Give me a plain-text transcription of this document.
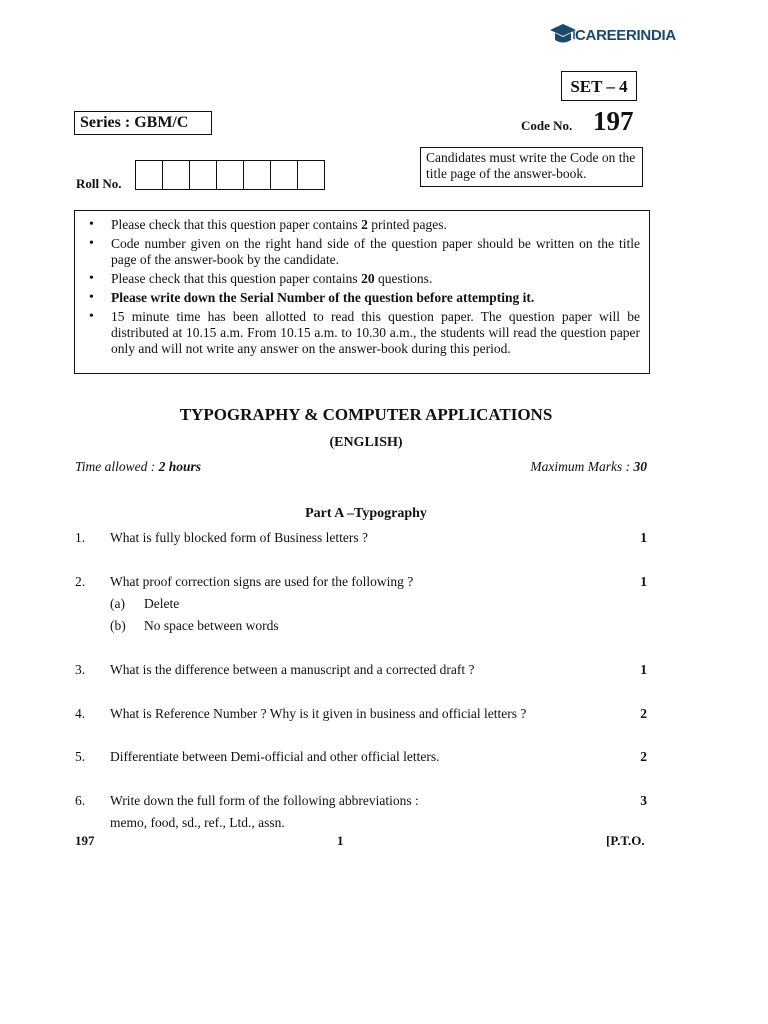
CAREERINDIA
SET – 4
Series : GBM/C	Code No. 197
Candidates must write the Code on the title page of the answer-book.
Roll No.
• Please check that this question paper contains 2 printed pages.
• Code number given on the right hand side of the question paper should be written on the title page of the answer-book by the candidate.
• Please check that this question paper contains 20 questions.
• Please write down the Serial Number of the question before attempting it.
• 15 minute time has been allotted to read this question paper. The question paper will be distributed at 10.15 a.m. From 10.15 a.m. to 10.30 a.m., the students will read the question paper only and will not write any answer on the answer-book during this period.
TYPOGRAPHY & COMPUTER APPLICATIONS
(ENGLISH)
Time allowed : 2 hours	Maximum Marks : 30
Part A –Typography
1. What is fully blocked form of Business letters ?	1
2. What proof correction signs are used for the following ?	1
(a) Delete
(b) No space between words
3. What is the difference between a manuscript and a corrected draft ?	1
4. What is Reference Number ? Why is it given in business and official letters ?	2
5. Differentiate between Demi-official and other official letters.	2
6. Write down the full form of the following abbreviations :	3
memo, food, sd., ref., Ltd., assn.
197	1	[P.T.O.
